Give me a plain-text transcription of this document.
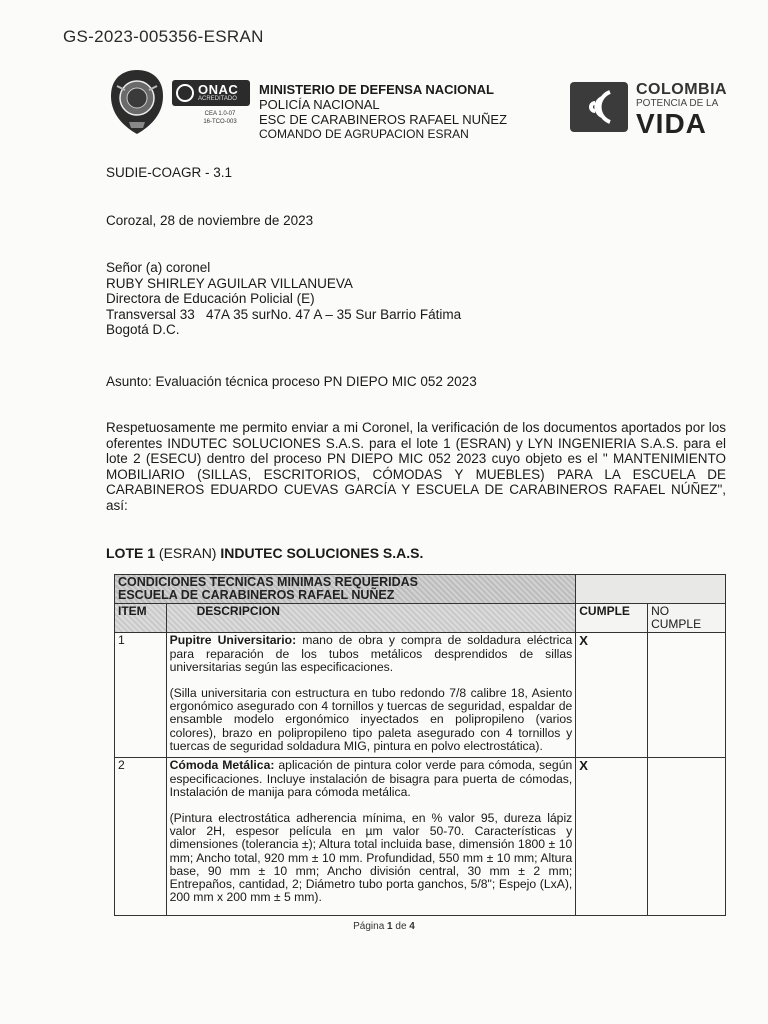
GS-2023-005356-ESRAN
ONAC
ACREDITADO
CEA 1.0-07
16-TCO-003
MINISTERIO DE DEFENSA NACIONAL
POLICÍA NACIONAL
ESC DE CARABINEROS RAFAEL NUÑEZ
COMANDO DE AGRUPACION ESRAN
COLOMBIA
POTENCIA DE LA
VIDA
SUDIE-COAGR - 3.1
Corozal, 28 de noviembre de 2023
Señor (a) coronel
RUBY SHIRLEY AGUILAR VILLANUEVA
Directora de Educación Policial (E)
Transversal 33   47A 35 surNo. 47 A – 35 Sur Barrio Fátima
Bogotá D.C.
Asunto: Evaluación técnica proceso PN DIEPO MIC 052 2023
Respetuosamente me permito enviar a mi Coronel, la verificación de los documentos aportados por los oferentes INDUTEC SOLUCIONES S.A.S. para el lote 1 (ESRAN) y LYN INGENIERIA S.A.S. para el lote 2 (ESECU) dentro del proceso PN DIEPO MIC 052 2023 cuyo objeto es el " MANTENIMIENTO MOBILIARIO (SILLAS, ESCRITORIOS, CÓMODAS Y MUEBLES) PARA LA ESCUELA DE CARABINEROS EDUARDO CUEVAS GARCÍA Y ESCUELA DE CARABINEROS RAFAEL NÚÑEZ", así:
LOTE 1 (ESRAN) INDUTEC SOLUCIONES S.A.S.
CONDICIONES TECNICAS MINIMAS REQUERIDAS
ESCUELA DE CARABINEROS RAFAEL NUÑEZ			

ITEM	DESCRIPCION	CUMPLE	NO CUMPLE
1	Pupitre Universitario: mano de obra y compra de soldadura eléctrica para reparación de los tubos metálicos desprendidos de sillas universitarias según las especificaciones.
(Silla universitaria con estructura en tubo redondo 7/8 calibre 18, Asiento ergonómico asegurado con 4 tornillos y tuercas de seguridad, espaldar de ensamble modelo ergonómico inyectados en polipropileno (varios colores), brazo en polipropileno tipo paleta asegurado con 4 tornillos y tuercas de seguridad soldadura MIG, pintura en polvo electrostática).	X	
2	Cómoda Metálica: aplicación de pintura color verde para cómoda, según especificaciones. Incluye instalación de bisagra para puerta de cómodas, Instalación de manija para cómoda metálica.
(Pintura electrostática adherencia mínima, en % valor 95, dureza lápiz valor 2H, espesor película en µm valor 50-70. Características y dimensiones (tolerancia ±); Altura total incluida base, dimensión 1800 ± 10 mm; Ancho total, 920 mm ± 10 mm. Profundidad, 550 mm ± 10 mm; Altura base, 90 mm ± 10 mm; Ancho división central, 30 mm ± 2 mm; Entrepaños, cantidad, 2; Diámetro tubo porta ganchos, 5/8"; Espejo (LxA), 200 mm x 200 mm ± 5 mm).	X	
Página 1 de 4
